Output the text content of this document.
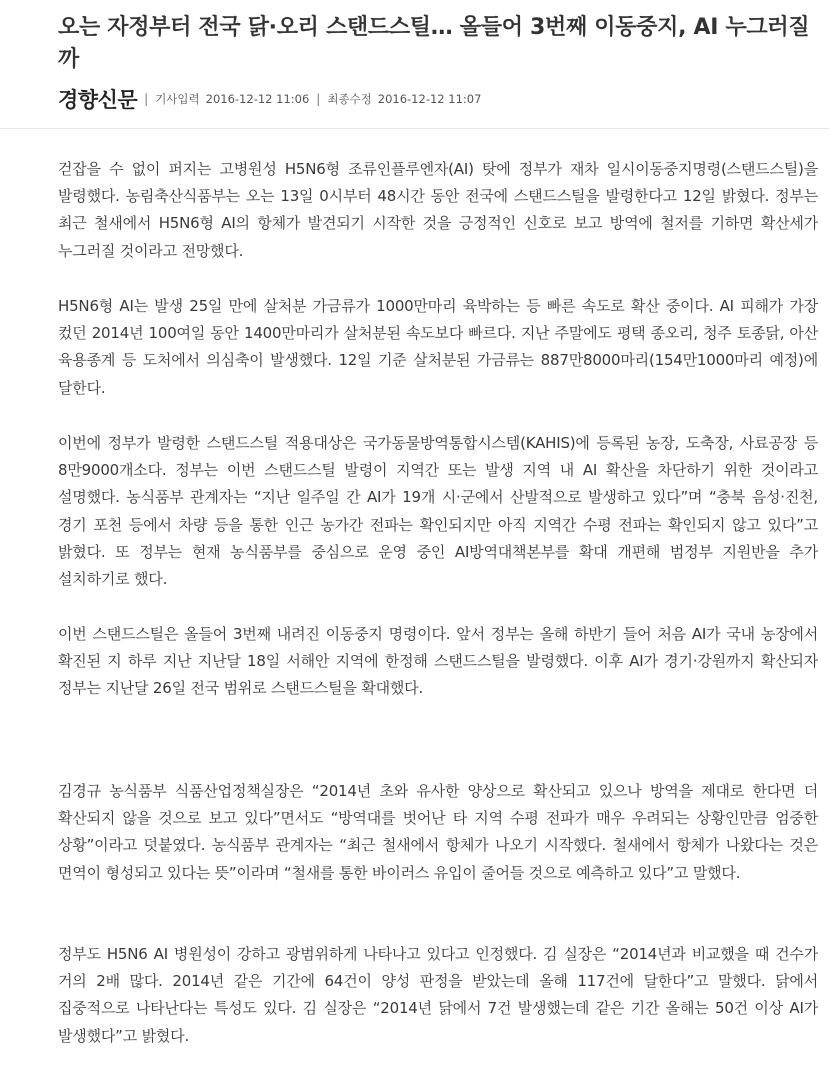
오는 자정부터 전국 닭·오리 스탠드스틸… 올들어 3번째 이동중지, AI 누그러질까
경향신문 | 기사입력 2016-12-12 11:06 | 최종수정 2016-12-12 11:07

걷잡을 수 없이 퍼지는 고병원성 H5N6형 조류인플루엔자(AI) 탓에 정부가 재차 일시이동중지명령(스탠드스틸)을 발령했다. 농림축산식품부는 오는 13일 0시부터 48시간 동안 전국에 스탠드스틸을 발령한다고 12일 밝혔다. 정부는 최근 철새에서 H5N6형 AI의 항체가 발견되기 시작한 것을 긍정적인 신호로 보고 방역에 철저를 기하면 확산세가 누그러질 것이라고 전망했다.

H5N6형 AI는 발생 25일 만에 살처분 가금류가 1000만마리 육박하는 등 빠른 속도로 확산 중이다. AI 피해가 가장 컸던 2014년 100여일 동안 1400만마리가 살처분된 속도보다 빠르다. 지난 주말에도 평택 종오리, 청주 토종닭, 아산 육용종계 등 도처에서 의심축이 발생했다. 12일 기준 살처분된 가금류는 887만8000마리(154만1000마리 예정)에 달한다.

이번에 정부가 발령한 스탠드스틸 적용대상은 국가동물방역통합시스템(KAHIS)에 등록된 농장, 도축장, 사료공장 등 8만9000개소다. 정부는 이번 스탠드스틸 발령이 지역간 또는 발생 지역 내 AI 확산을 차단하기 위한 것이라고 설명했다. 농식품부 관계자는 “지난 일주일 간 AI가 19개 시·군에서 산발적으로 발생하고 있다”며 “충북 음성·진천, 경기 포천 등에서 차량 등을 통한 인근 농가간 전파는 확인되지만 아직 지역간 수평 전파는 확인되지 않고 있다”고 밝혔다. 또 정부는 현재 농식품부를 중심으로 운영 중인 AI방역대책본부를 확대 개편해 범정부 지원반을 추가 설치하기로 했다.

이번 스탠드스틸은 올들어 3번째 내려진 이동중지 명령이다. 앞서 정부는 올해 하반기 들어 처음 AI가 국내 농장에서 확진된 지 하루 지난 지난달 18일 서해안 지역에 한정해 스탠드스틸을 발령했다. 이후 AI가 경기·강원까지 확산되자 정부는 지난달 26일 전국 범위로 스탠드스틸을 확대했다.

김경규 농식품부 식품산업정책실장은 “2014년 초와 유사한 양상으로 확산되고 있으나 방역을 제대로 한다면 더 확산되지 않을 것으로 보고 있다”면서도 “방역대를 벗어난 타 지역 수평 전파가 매우 우려되는 상황인만큼 엄중한 상황”이라고 덧붙였다. 농식품부 관계자는 “최근 철새에서 항체가 나오기 시작했다. 철새에서 항체가 나왔다는 것은 면역이 형성되고 있다는 뜻”이라며 “철새를 통한 바이러스 유입이 줄어들 것으로 예측하고 있다”고 말했다.

정부도 H5N6 AI 병원성이 강하고 광범위하게 나타나고 있다고 인정했다. 김 실장은 “2014년과 비교했을 때 건수가 거의 2배 많다. 2014년 같은 기간에 64건이 양성 판정을 받았는데 올해 117건에 달한다”고 말했다. 닭에서 집중적으로 나타난다는 특성도 있다. 김 실장은 “2014년 닭에서 7건 발생했는데 같은 기간 올해는 50건 이상 AI가 발생했다”고 밝혔다.
